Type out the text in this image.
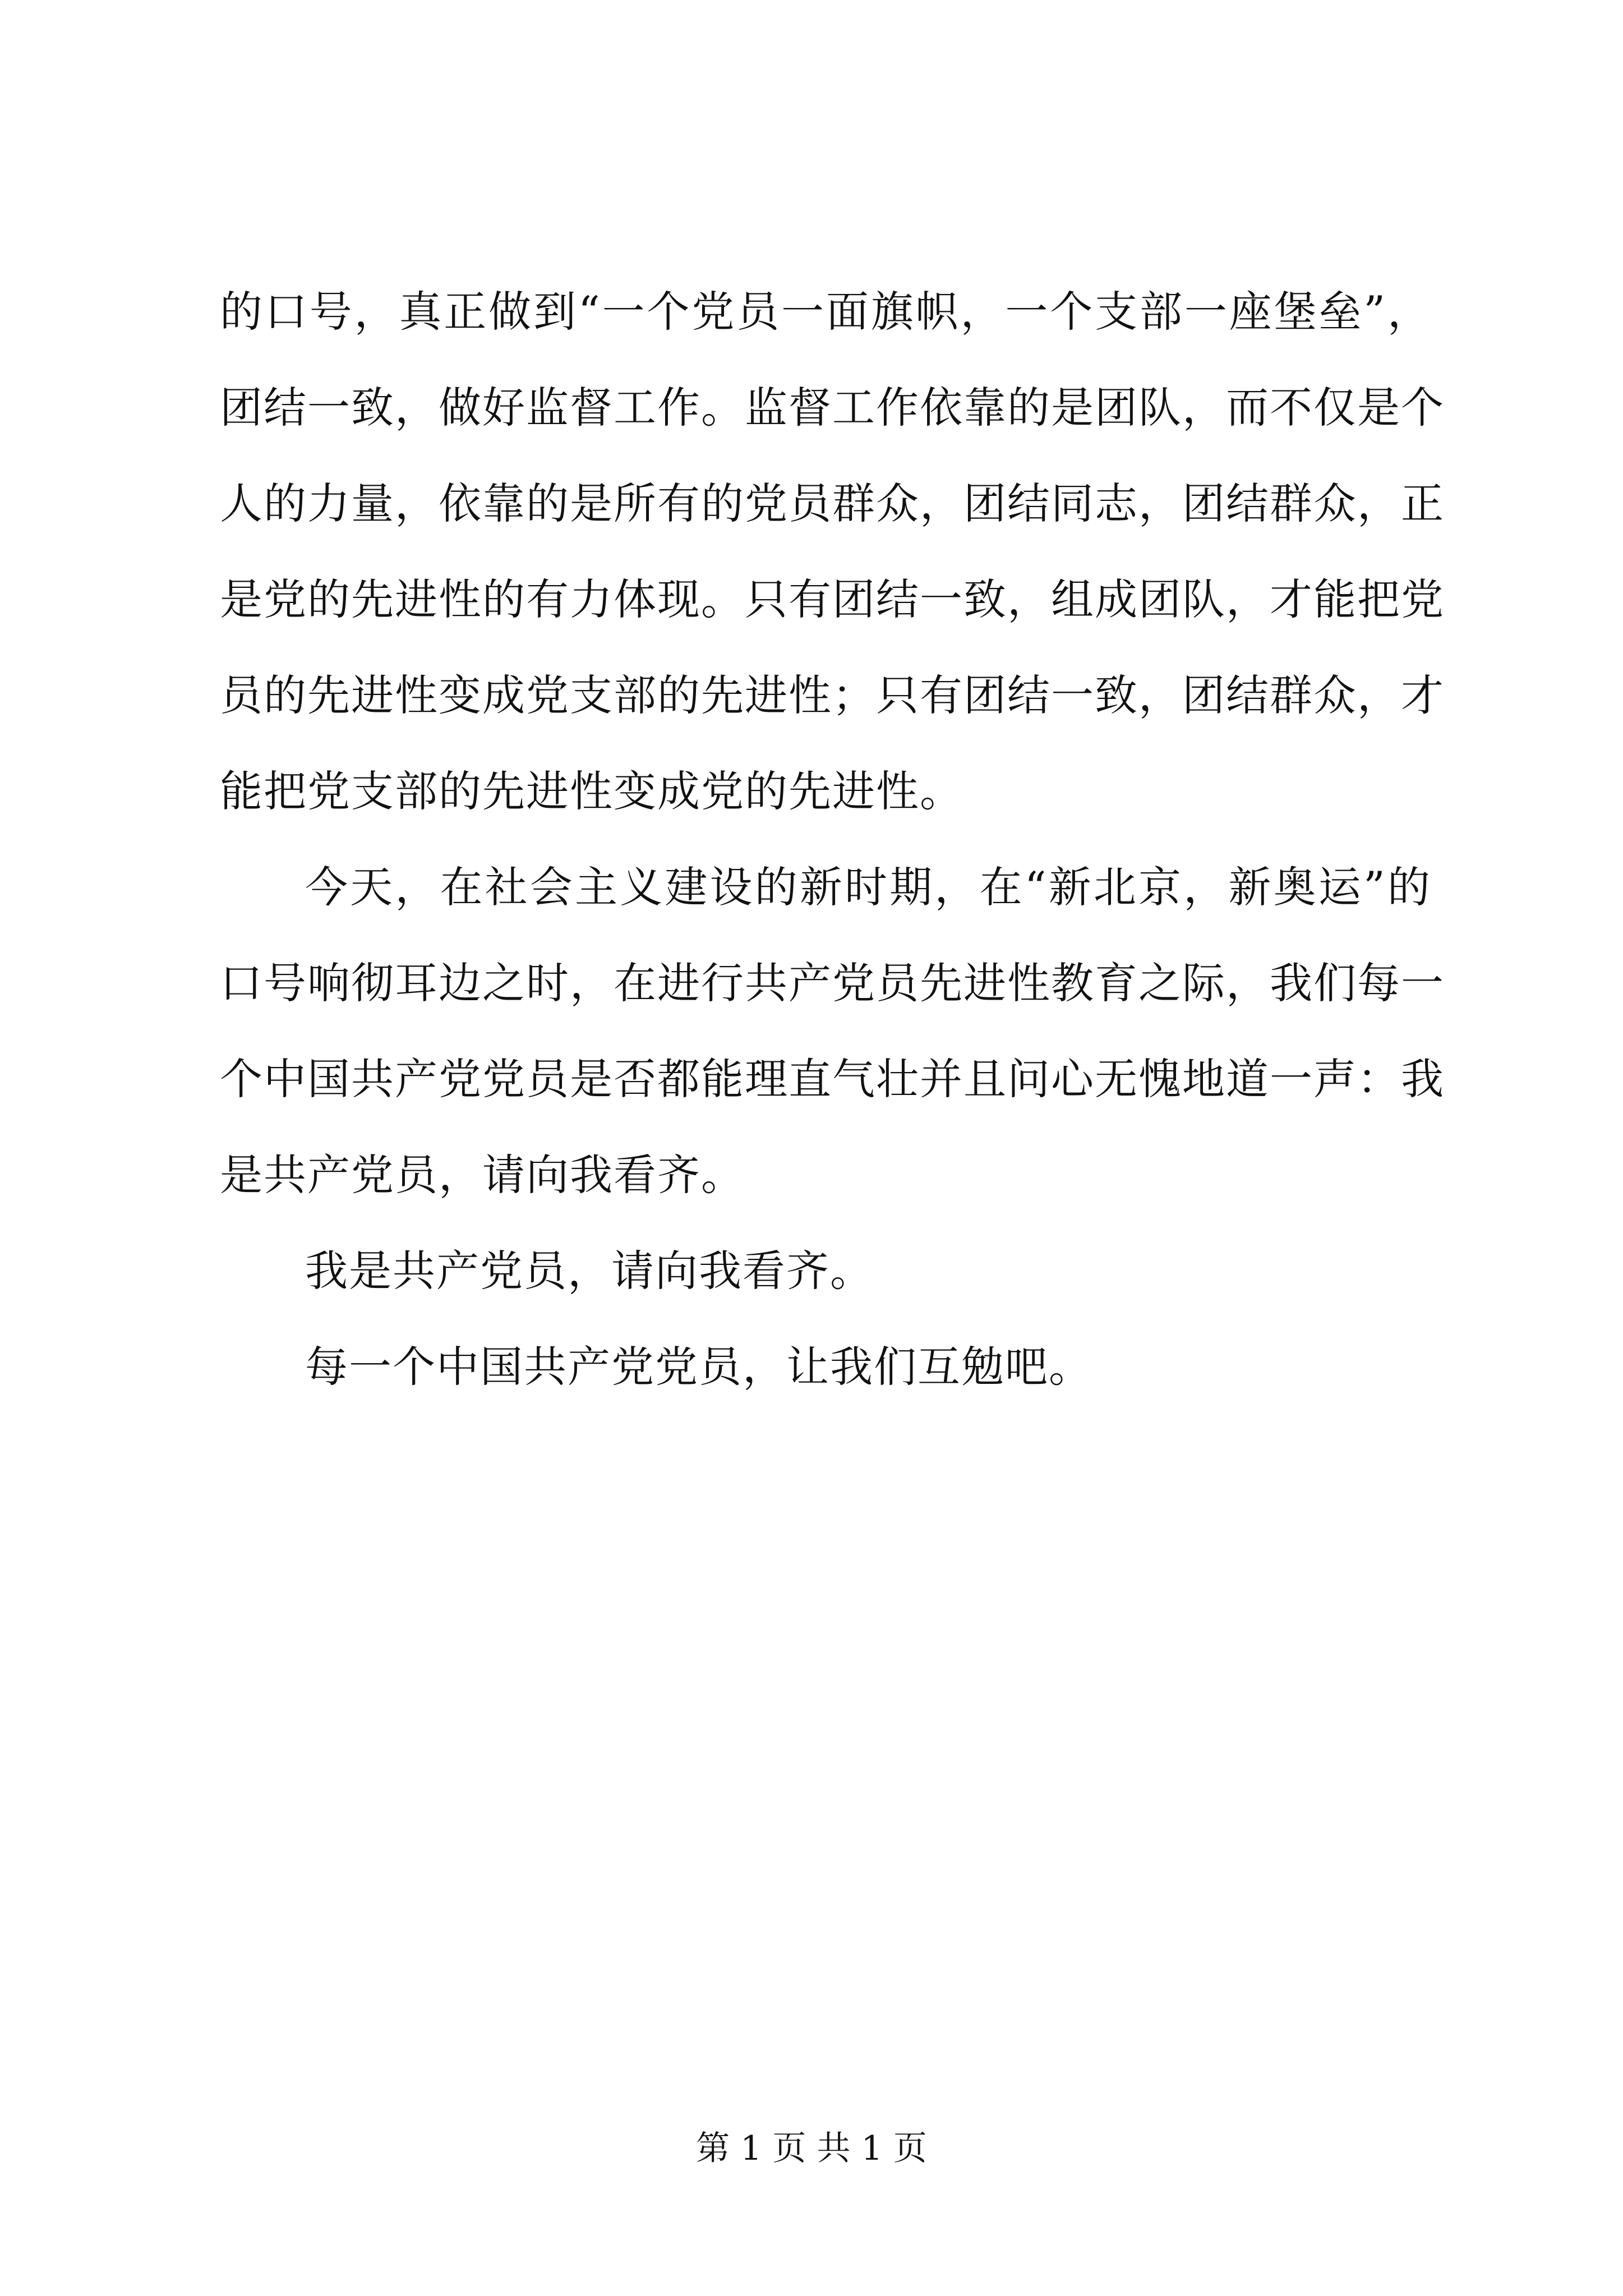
的口号，真正做到“一个党员一面旗帜，一个支部一座堡垒”，
团结一致，做好监督工作。监督工作依靠的是团队，而不仅是个
人的力量，依靠的是所有的党员群众，团结同志，团结群众，正
是党的先进性的有力体现。只有团结一致，组成团队，才能把党
员的先进性变成党支部的先进性；只有团结一致，团结群众，才
能把党支部的先进性变成党的先进性。
今天，在社会主义建设的新时期，在“新北京，新奥运”的
口号响彻耳边之时，在进行共产党员先进性教育之际，我们每一
个中国共产党党员是否都能理直气壮并且问心无愧地道一声：我
是共产党员，请向我看齐。
我是共产党员，请向我看齐。
每一个中国共产党党员，让我们互勉吧。
第 1 页 共 1 页
